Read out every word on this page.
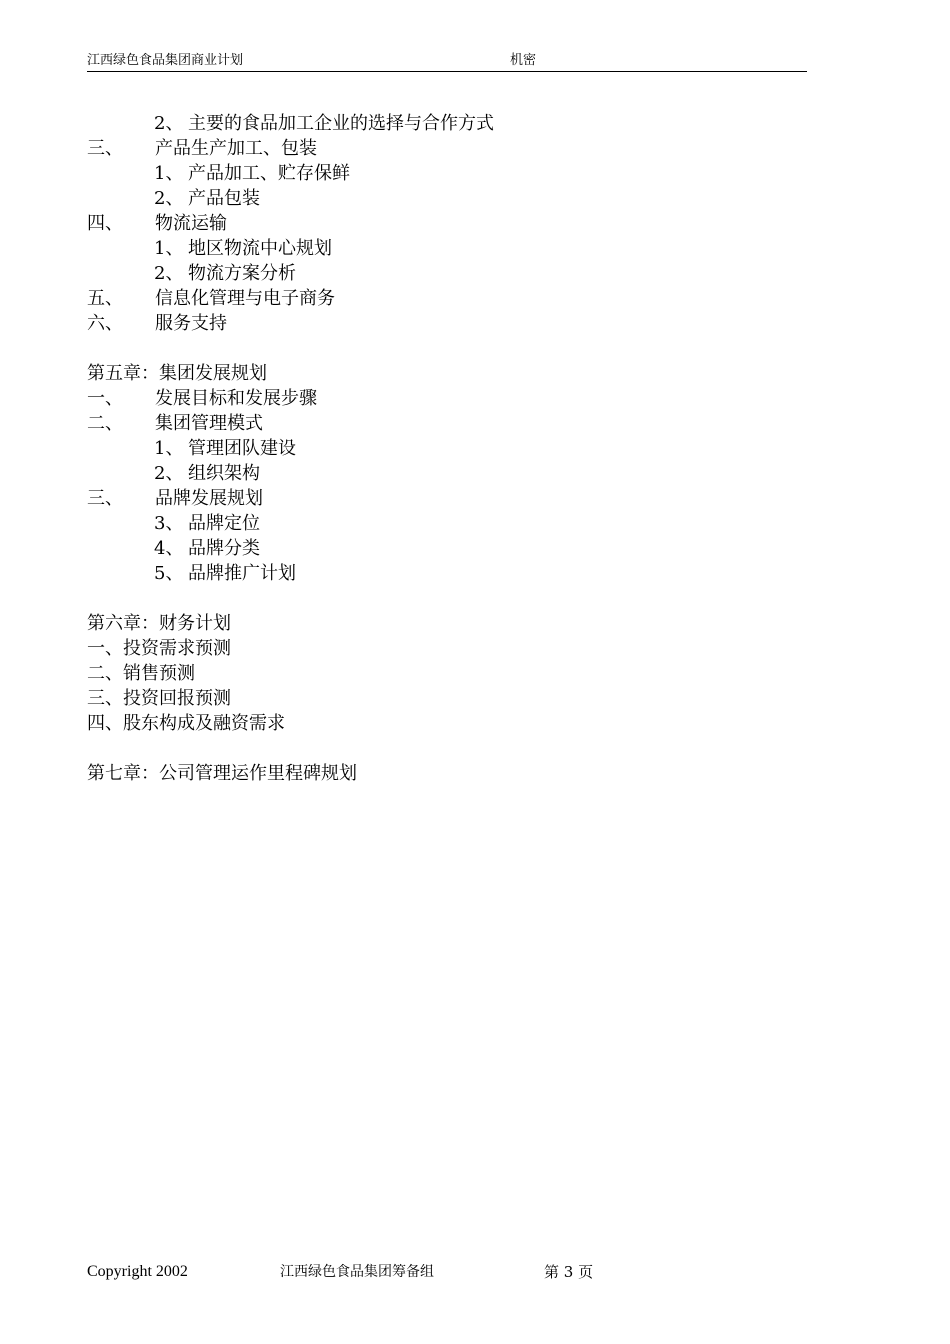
江西绿色食品集团商业计划	机密
2、 主要的食品加工企业的选择与合作方式
三、 产品生产加工、包装
1、 产品加工、贮存保鲜
2、 产品包装
四、 物流运输
1、 地区物流中心规划
2、 物流方案分析
五、 信息化管理与电子商务
六、 服务支持
第五章：集团发展规划
一、 发展目标和发展步骤
二、 集团管理模式
1、 管理团队建设
2、 组织架构
三、 品牌发展规划
3、 品牌定位
4、 品牌分类
5、 品牌推广计划
第六章：财务计划
一、投资需求预测
二、销售预测
三、投资回报预测
四、股东构成及融资需求
第七章：公司管理运作里程碑规划
Copyright 2002	江西绿色食品集团筹备组	第 3 页
